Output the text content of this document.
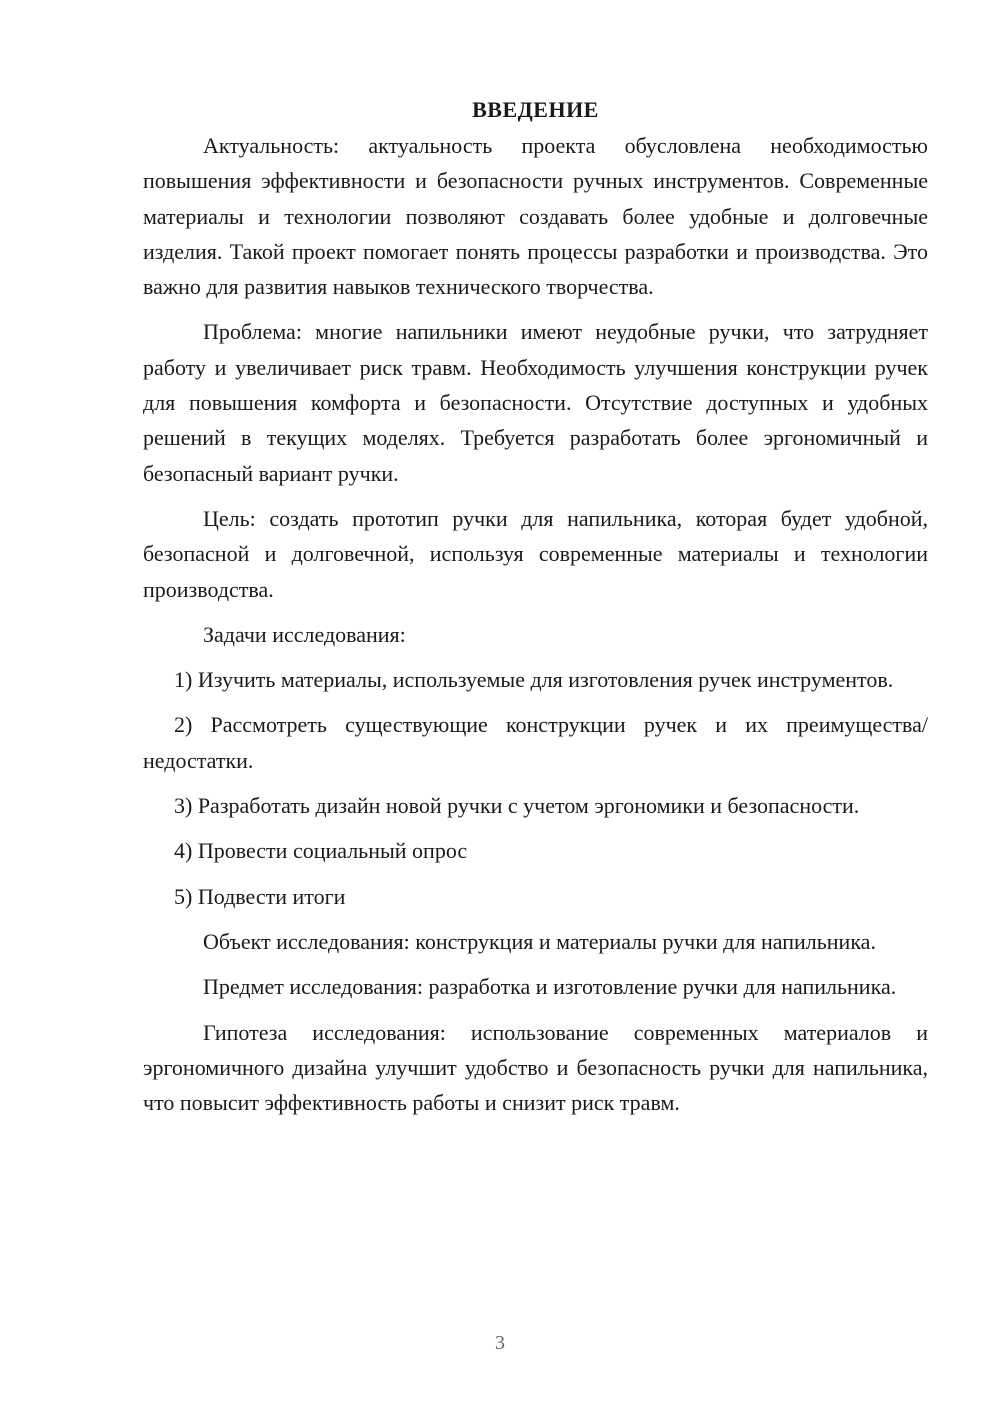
ВВЕДЕНИЕ

Актуальность: актуальность проекта обусловлена необходимостью повышения эффективности и безопасности ручных инструментов. Современные материалы и технологии позволяют создавать более удобные и долговечные изделия. Такой проект помогает понять процессы разработки и производства. Это важно для развития навыков технического творчества.

Проблема: многие напильники имеют неудобные ручки, что затрудняет работу и увеличивает риск травм. Необходимость улучшения конструкции ручек для повышения комфорта и безопасности. Отсутствие доступных и удобных решений в текущих моделях. Требуется разработать более эргономичный и безопасный вариант ручки.

Цель: создать прототип ручки для напильника, которая будет удобной, безопасной и долговечной, используя современные материалы и технологии производства.

Задачи исследования:

1) Изучить материалы, используемые для изготовления ручек инструментов.

2) Рассмотреть существующие конструкции ручек и их преимущества/недостатки.

3) Разработать дизайн новой ручки с учетом эргономики и безопасности.

4) Провести социальный опрос

5) Подвести итоги

Объект исследования: конструкция и материалы ручки для напильника.

Предмет исследования: разработка и изготовление ручки для напильника.

Гипотеза исследования: использование современных материалов и эргономичного дизайна улучшит удобство и безопасность ручки для напильника, что повысит эффективность работы и снизит риск травм.

3
